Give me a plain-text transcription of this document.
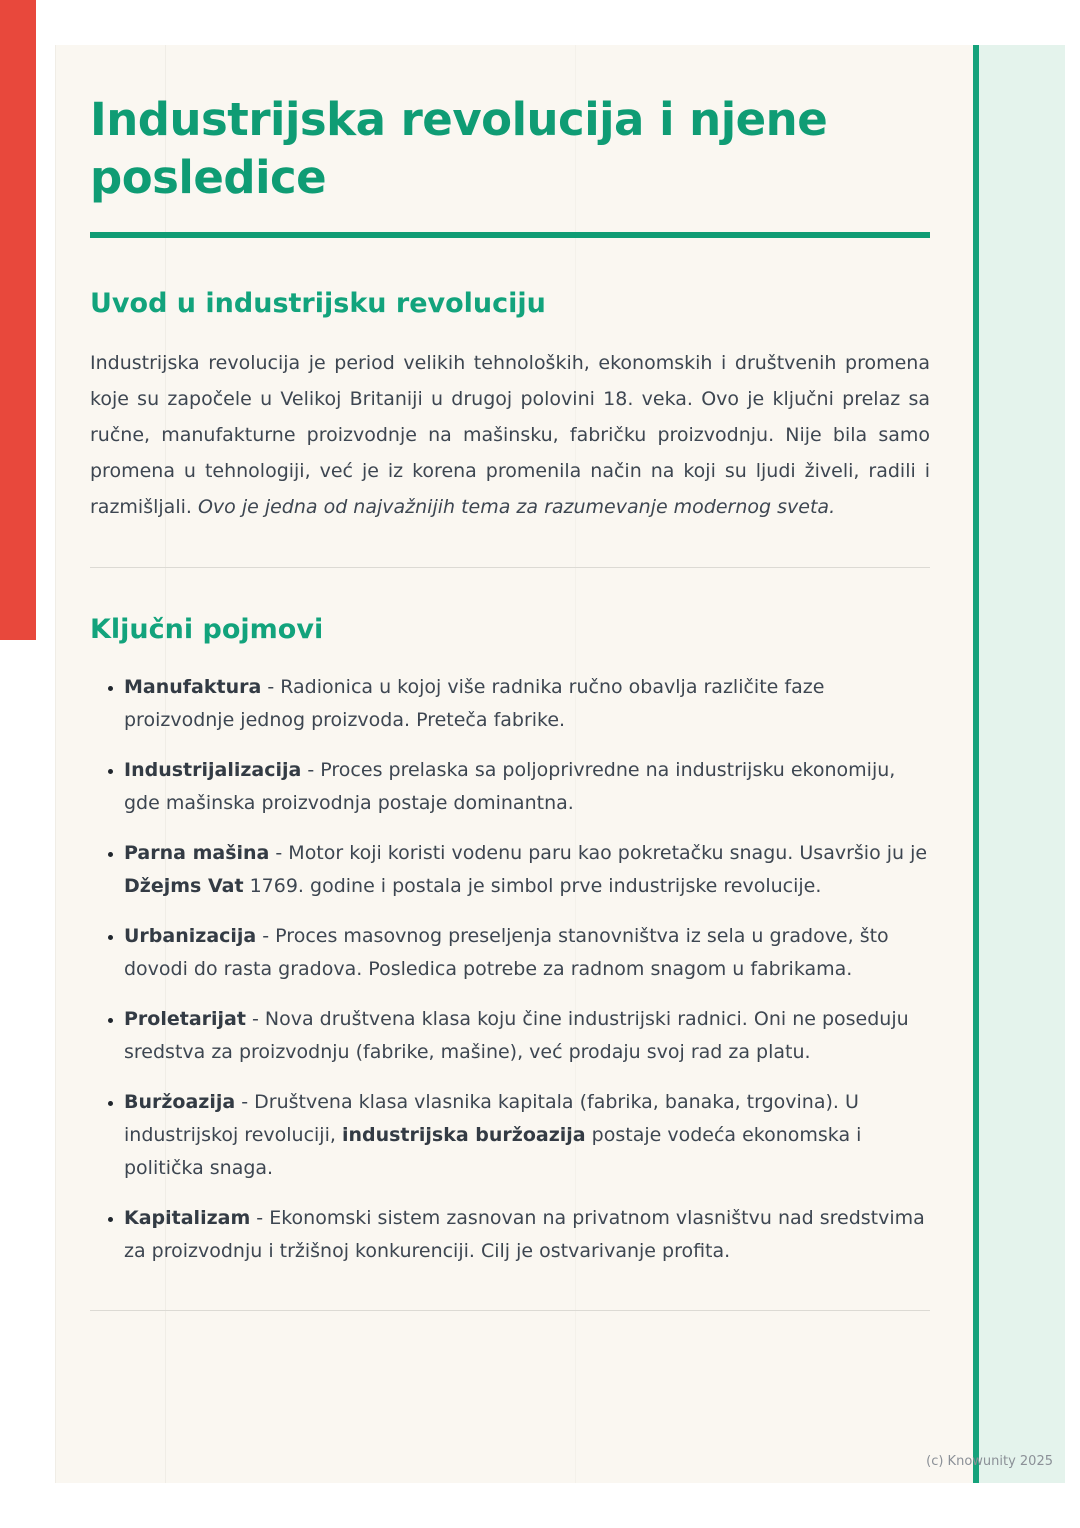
Industrijska revolucija i njene posledice
Uvod u industrijsku revoluciju

Industrijska revolucija je period velikih tehnoloških, ekonomskih i društvenih promena koje su započele u Velikoj Britaniji u drugoj polovini 18. veka. Ovo je ključni prelaz sa ručne, manufakturne proizvodnje na mašinsku, fabričku proizvodnju. Nije bila samo promena u tehnologiji, već je iz korena promenila način na koji su ljudi živeli, radili i razmišljali. Ovo je jedna od najvažnijih tema za razumevanje modernog sveta.

Ključni pojmovi
• Manufaktura - Radionica u kojoj više radnika ručno obavlja različite faze proizvodnje jednog proizvoda. Preteča fabrike.
• Industrijalizacija - Proces prelaska sa poljoprivredne na industrijsku ekonomiju, gde mašinska proizvodnja postaje dominantna.
• Parna mašina - Motor koji koristi vodenu paru kao pokretačku snagu. Usavršio ju je Džejms Vat 1769. godine i postala je simbol prve industrijske revolucije.
• Urbanizacija - Proces masovnog preseljenja stanovništva iz sela u gradove, što dovodi do rasta gradova. Posledica potrebe za radnom snagom u fabrikama.
• Proletarijat - Nova društvena klasa koju čine industrijski radnici. Oni ne poseduju sredstva za proizvodnju (fabrike, mašine), već prodaju svoj rad za platu.
• Buržoazija - Društvena klasa vlasnika kapitala (fabrika, banaka, trgovina). U industrijskoj revoluciji, industrijska buržoazija postaje vodeća ekonomska i politička snaga.
• Kapitalizam - Ekonomski sistem zasnovan na privatnom vlasništvu nad sredstvima za proizvodnju i tržišnoj konkurenciji. Cilj je ostvarivanje profita.
(c) Knowunity 2025
